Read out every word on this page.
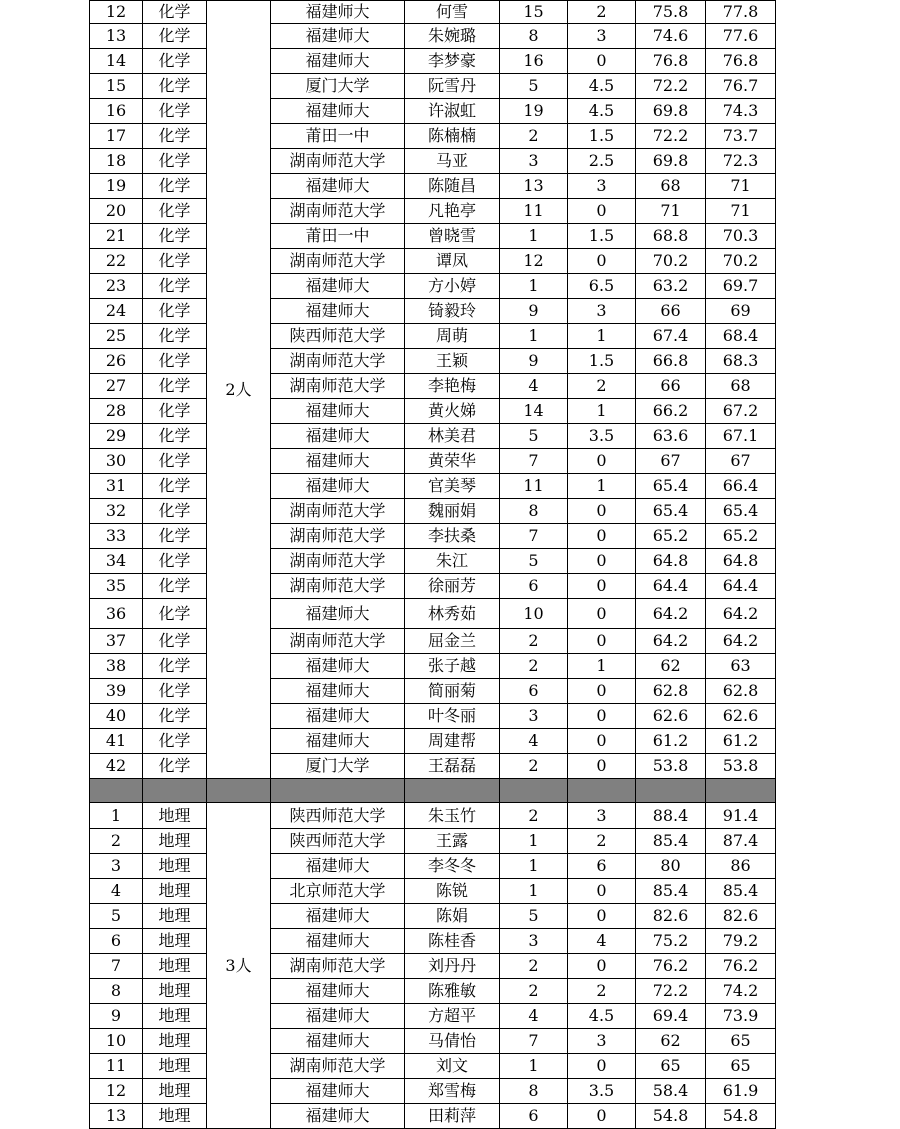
12	化学	2人	福建师大	何雪	15	2	75.8	77.8
13	化学		福建师大	朱婉璐	8	3	74.6	77.6
14	化学		福建师大	李梦豪	16	0	76.8	76.8
15	化学		厦门大学	阮雪丹	5	4.5	72.2	76.7
16	化学		福建师大	许淑虹	19	4.5	69.8	74.3
17	化学		莆田一中	陈楠楠	2	1.5	72.2	73.7
18	化学		湖南师范大学	马亚	3	2.5	69.8	72.3
19	化学		福建师大	陈随昌	13	3	68	71
20	化学		湖南师范大学	凡艳亭	11	0	71	71
21	化学		莆田一中	曾晓雪	1	1.5	68.8	70.3
22	化学		湖南师范大学	谭凤	12	0	70.2	70.2
23	化学		福建师大	方小婷	1	6.5	63.2	69.7
24	化学		福建师大	锜毅玲	9	3	66	69
25	化学		陕西师范大学	周萌	1	1	67.4	68.4
26	化学		湖南师范大学	王颖	9	1.5	66.8	68.3
27	化学		湖南师范大学	李艳梅	4	2	66	68
28	化学		福建师大	黄火娣	14	1	66.2	67.2
29	化学		福建师大	林美君	5	3.5	63.6	67.1
30	化学		福建师大	黄荣华	7	0	67	67
31	化学		福建师大	官美琴	11	1	65.4	66.4
32	化学		湖南师范大学	魏丽娟	8	0	65.4	65.4
33	化学		湖南师范大学	李扶桑	7	0	65.2	65.2
34	化学		湖南师范大学	朱江	5	0	64.8	64.8
35	化学		湖南师范大学	徐丽芳	6	0	64.4	64.4
36	化学		福建师大	林秀茹	10	0	64.2	64.2
37	化学		湖南师范大学	屈金兰	2	0	64.2	64.2
38	化学		福建师大	张子越	2	1	62	63
39	化学		福建师大	简丽菊	6	0	62.8	62.8
40	化学		福建师大	叶冬丽	3	0	62.6	62.6
41	化学		福建师大	周建帮	4	0	61.2	61.2
42	化学		厦门大学	王磊磊	2	0	53.8	53.8

1	地理	3人	陕西师范大学	朱玉竹	2	3	88.4	91.4
2	地理		陕西师范大学	王露	1	2	85.4	87.4
3	地理		福建师大	李冬冬	1	6	80	86
4	地理		北京师范大学	陈锐	1	0	85.4	85.4
5	地理		福建师大	陈娟	5	0	82.6	82.6
6	地理		福建师大	陈桂香	3	4	75.2	79.2
7	地理		湖南师范大学	刘丹丹	2	0	76.2	76.2
8	地理		福建师大	陈雅敏	2	2	72.2	74.2
9	地理		福建师大	方超平	4	4.5	69.4	73.9
10	地理		福建师大	马倩怡	7	3	62	65
11	地理		湖南师范大学	刘文	1	0	65	65
12	地理		福建师大	郑雪梅	8	3.5	58.4	61.9
13	地理		福建师大	田莉萍	6	0	54.8	54.8
